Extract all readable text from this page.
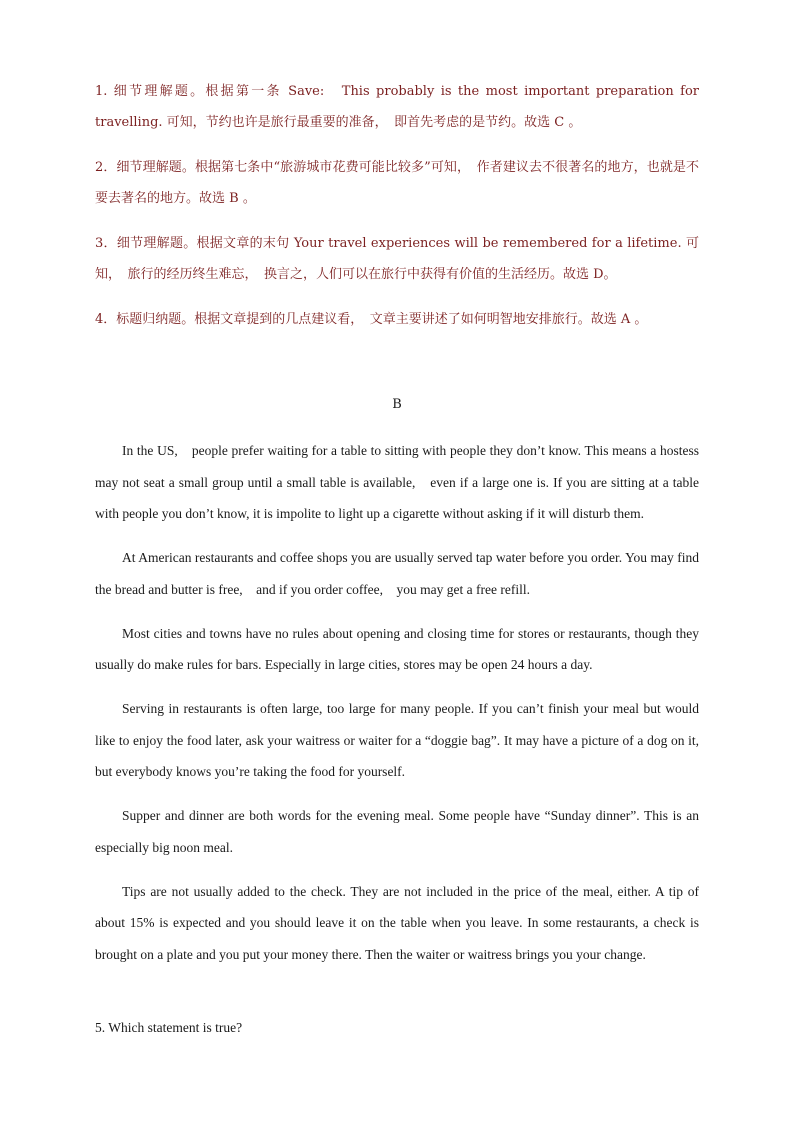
1. 细节理解题。根据第一条 Save:　This probably is the most important preparation for travelling. 可知，节约也许是旅行最重要的准备，　即首先考虑的是节约。故选 C 。

2．细节理解题。根据第七条中“旅游城市花费可能比较多”可知，　作者建议去不很著名的地方，也就是不要去著名的地方。故选 B 。

3．细节理解题。根据文章的末句 Your travel experiences will be remembered for a lifetime. 可知，　旅行的经历终生难忘，　换言之，人们可以在旅行中获得有价值的生活经历。故选 D。

4．标题归纳题。根据文章提到的几点建议看，　文章主要讲述了如何明智地安排旅行。故选 A 。

B

In the US,　people prefer waiting for a table to sitting with people they don’t know. This means a hostess may not seat a small group until a small table is available,　even if a large one is. If you are sitting at a table with people you don’t know, it is impolite to light up a cigarette without asking if it will disturb them.

At American restaurants and coffee shops you are usually served tap water before you order. You may find the bread and butter is free,　and if you order coffee,　you may get a free refill.

Most cities and towns have no rules about opening and closing time for stores or restaurants, though they usually do make rules for bars. Especially in large cities, stores may be open 24 hours a day.

Serving in restaurants is often large, too large for many people. If you can’t finish your meal but would like to enjoy the food later, ask your waitress or waiter for a “doggie bag”. It may have a picture of a dog on it,　but everybody knows you’re taking the food for yourself.

Supper and dinner are both words for the evening meal. Some people have “Sunday dinner”. This is an especially big noon meal.

Tips are not usually added to the check. They are not included in the price of the meal, either. A tip of about 15% is expected and you should leave it on the table when you leave. In some restaurants, a check is brought on a plate and you put your money there. Then the waiter or waitress brings you your change.

5. Which statement is true?
